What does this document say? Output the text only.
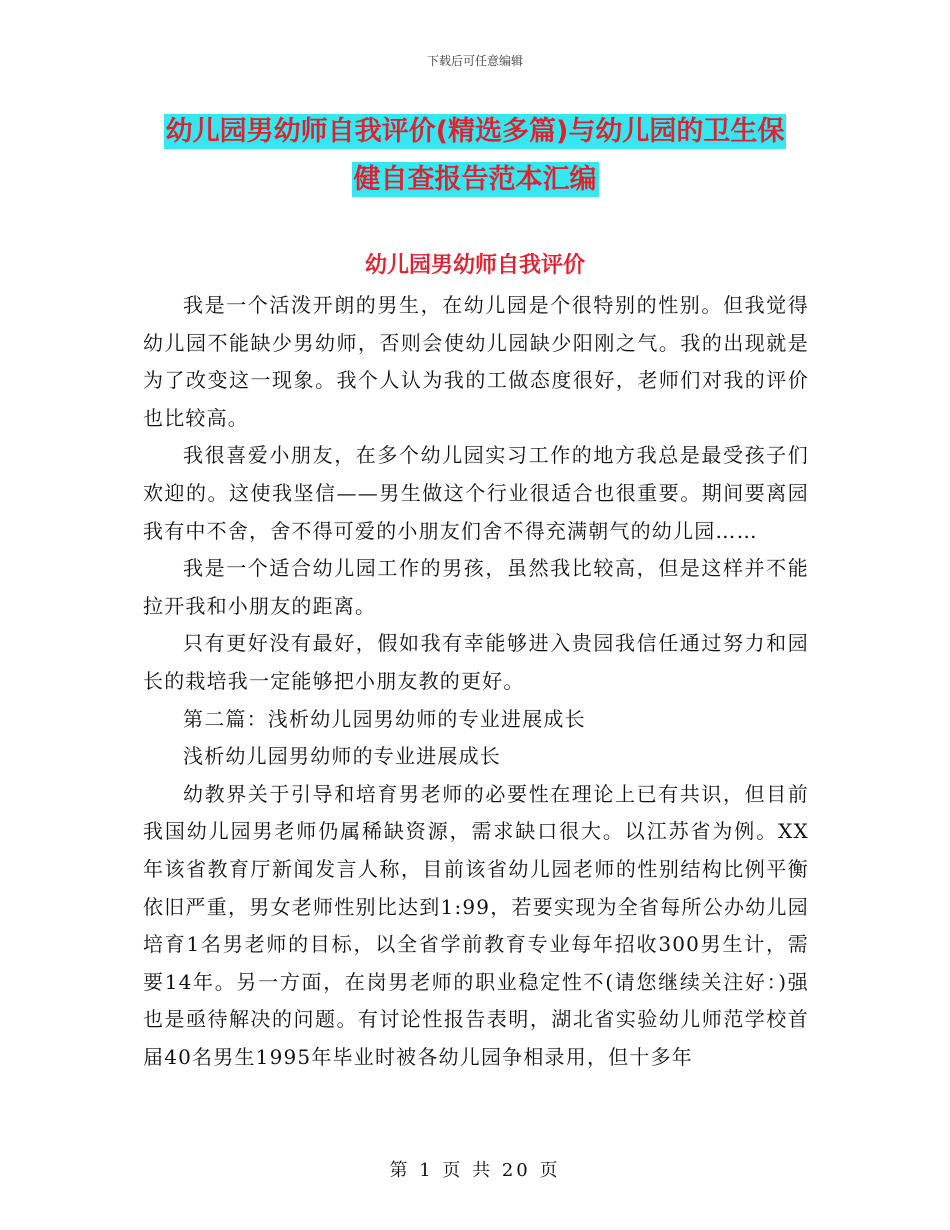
下载后可任意编辑
幼儿园男幼师自我评价(精选多篇)与幼儿园的卫生保
健自查报告范本汇编
幼儿园男幼师自我评价

我是一个活泼开朗的男生，在幼儿园是个很特别的性别。但我觉得幼儿园不能缺少男幼师，否则会使幼儿园缺少阳刚之气。我的出现就是为了改变这一现象。我个人认为我的工做态度很好，老师们对我的评价也比较高。

我很喜爱小朋友，在多个幼儿园实习工作的地方我总是最受孩子们欢迎的。这使我坚信——男生做这个行业很适合也很重要。期间要离园我有中不舍，舍不得可爱的小朋友们舍不得充满朝气的幼儿园……

我是一个适合幼儿园工作的男孩，虽然我比较高，但是这样并不能拉开我和小朋友的距离。

只有更好没有最好，假如我有幸能够进入贵园我信任通过努力和园长的栽培我一定能够把小朋友教的更好。

第二篇：浅析幼儿园男幼师的专业进展成长

浅析幼儿园男幼师的专业进展成长

幼教界关于引导和培育男老师的必要性在理论上已有共识，但目前我国幼儿园男老师仍属稀缺资源，需求缺口很大。以江苏省为例。XX年该省教育厅新闻发言人称，目前该省幼儿园老师的性别结构比例平衡依旧严重，男女老师性别比达到1:99，若要实现为全省每所公办幼儿园培育1名男老师的目标，以全省学前教育专业每年招收300男生计，需要14年。另一方面，在岗男老师的职业稳定性不(请您继续关注好：)强也是亟待解决的问题。有讨论性报告表明，湖北省实验幼儿师范学校首届40名男生1995年毕业时被各幼儿园争相录用，但十多年

第 1 页 共 20 页
